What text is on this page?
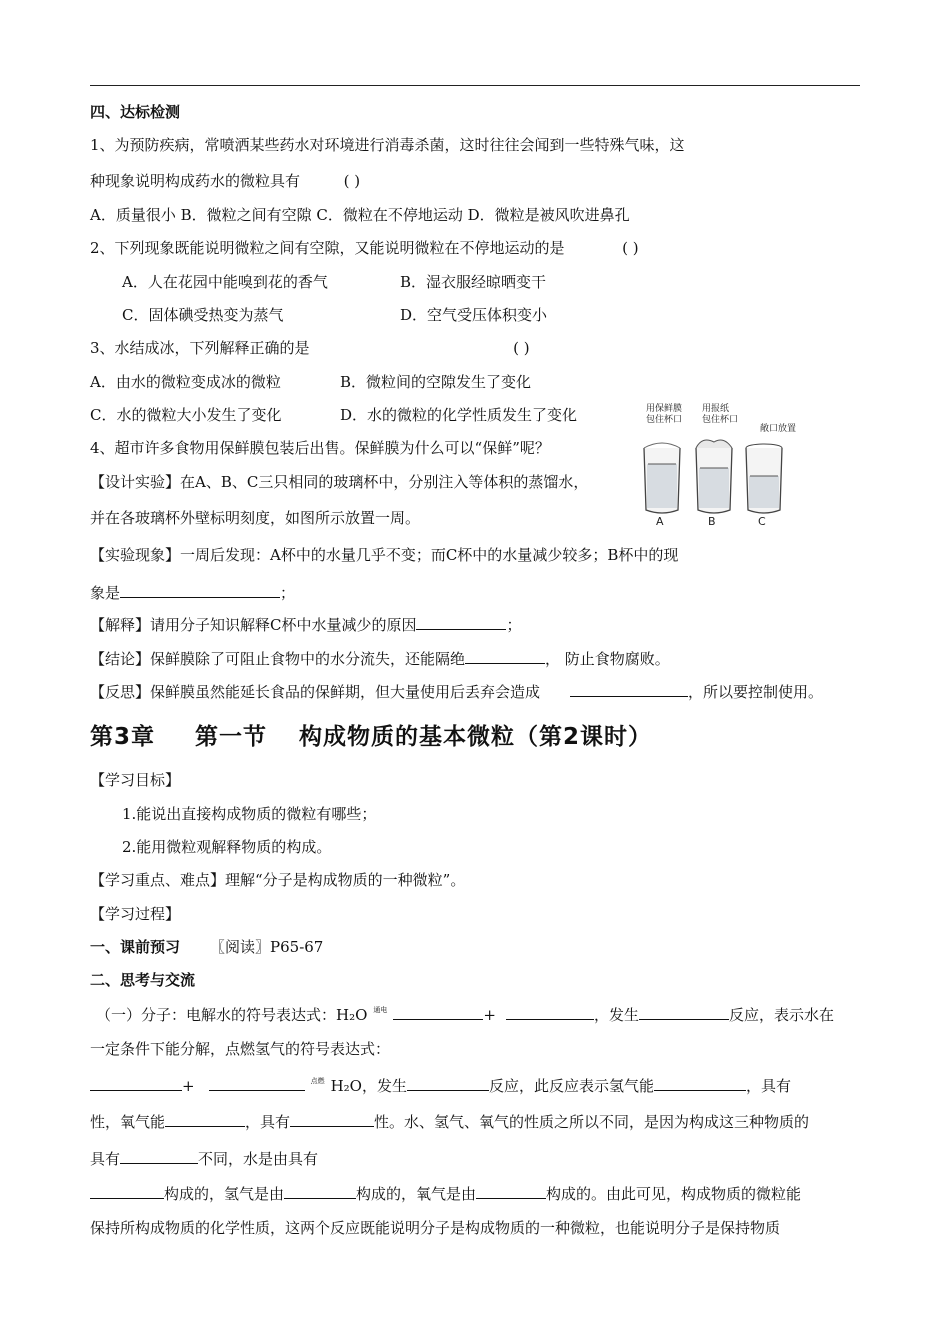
四、达标检测
1、为预防疾病，常喷洒某些药水对环境进行消毒杀菌，这时往往会闻到一些特殊气味，这
种现象说明构成药水的微粒具有	( )
A．质量很小 B．微粒之间有空隙 C．微粒在不停地运动 D．微粒是被风吹进鼻孔
2、下列现象既能说明微粒之间有空隙，又能说明微粒在不停地运动的是	( )
A．人在花园中能嗅到花的香气	B．湿衣服经晾晒变干
C．固体碘受热变为蒸气	D．空气受压体积变小
3、水结成冰，下列解释正确的是	( )
A．由水的微粒变成冰的微粒	B．微粒间的空隙发生了变化
C．水的微粒大小发生了变化	D．水的微粒的化学性质发生了变化
4、超市许多食物用保鲜膜包装后出售。保鲜膜为什么可以“保鲜”呢？
【设计实验】在A、B、C三只相同的玻璃杯中，分别注入等体积的蒸馏水，
并在各玻璃杯外壁标明刻度，如图所示放置一周。
用保鲜膜
包住杯口
用报纸
包住杯口
敞口放置
A	B	C
【实验现象】一周后发现：A杯中的水量几乎不变；而C杯中的水量减少较多；B杯中的现
象是	；
【解释】请用分子知识解释C杯中水量减少的原因	；
【结论】保鲜膜除了可阻止食物中的水分流失，还能隔绝	， 防止食物腐败。
【反思】保鲜膜虽然能延长食品的保鲜期，但大量使用后丢弃会造成	，所以要控制使用。
第3章 第一节 构成物质的基本微粒（第2课时）
【学习目标】
1.能说出直接构成物质的微粒有哪些；
2.能用微粒观解释物质的构成。
【学习重点、难点】理解“分子是构成物质的一种微粒”。
【学习过程】
一、课前预习 〖阅读〗P65-67
二、思考与交流
（一）分子：电解水的符号表达式：H₂O $^{通电}$	+	，发生	反应，表示水在
一定条件下能分解，点燃氢气的符号表达式：
+	$^{点燃}$ H₂O，发生	反应，此反应表示氢气能	，具有
性，氧气能	，具有	性。水、氢气、氧气的性质之所以不同，是因为构成这三种物质的
具有	不同，水是由具有
构成的，氢气是由	构成的，氧气是由	构成的。由此可见，构成物质的微粒能
保持所构成物质的化学性质，这两个反应既能说明分子是构成物质的一种微粒，也能说明分子是保持物质
